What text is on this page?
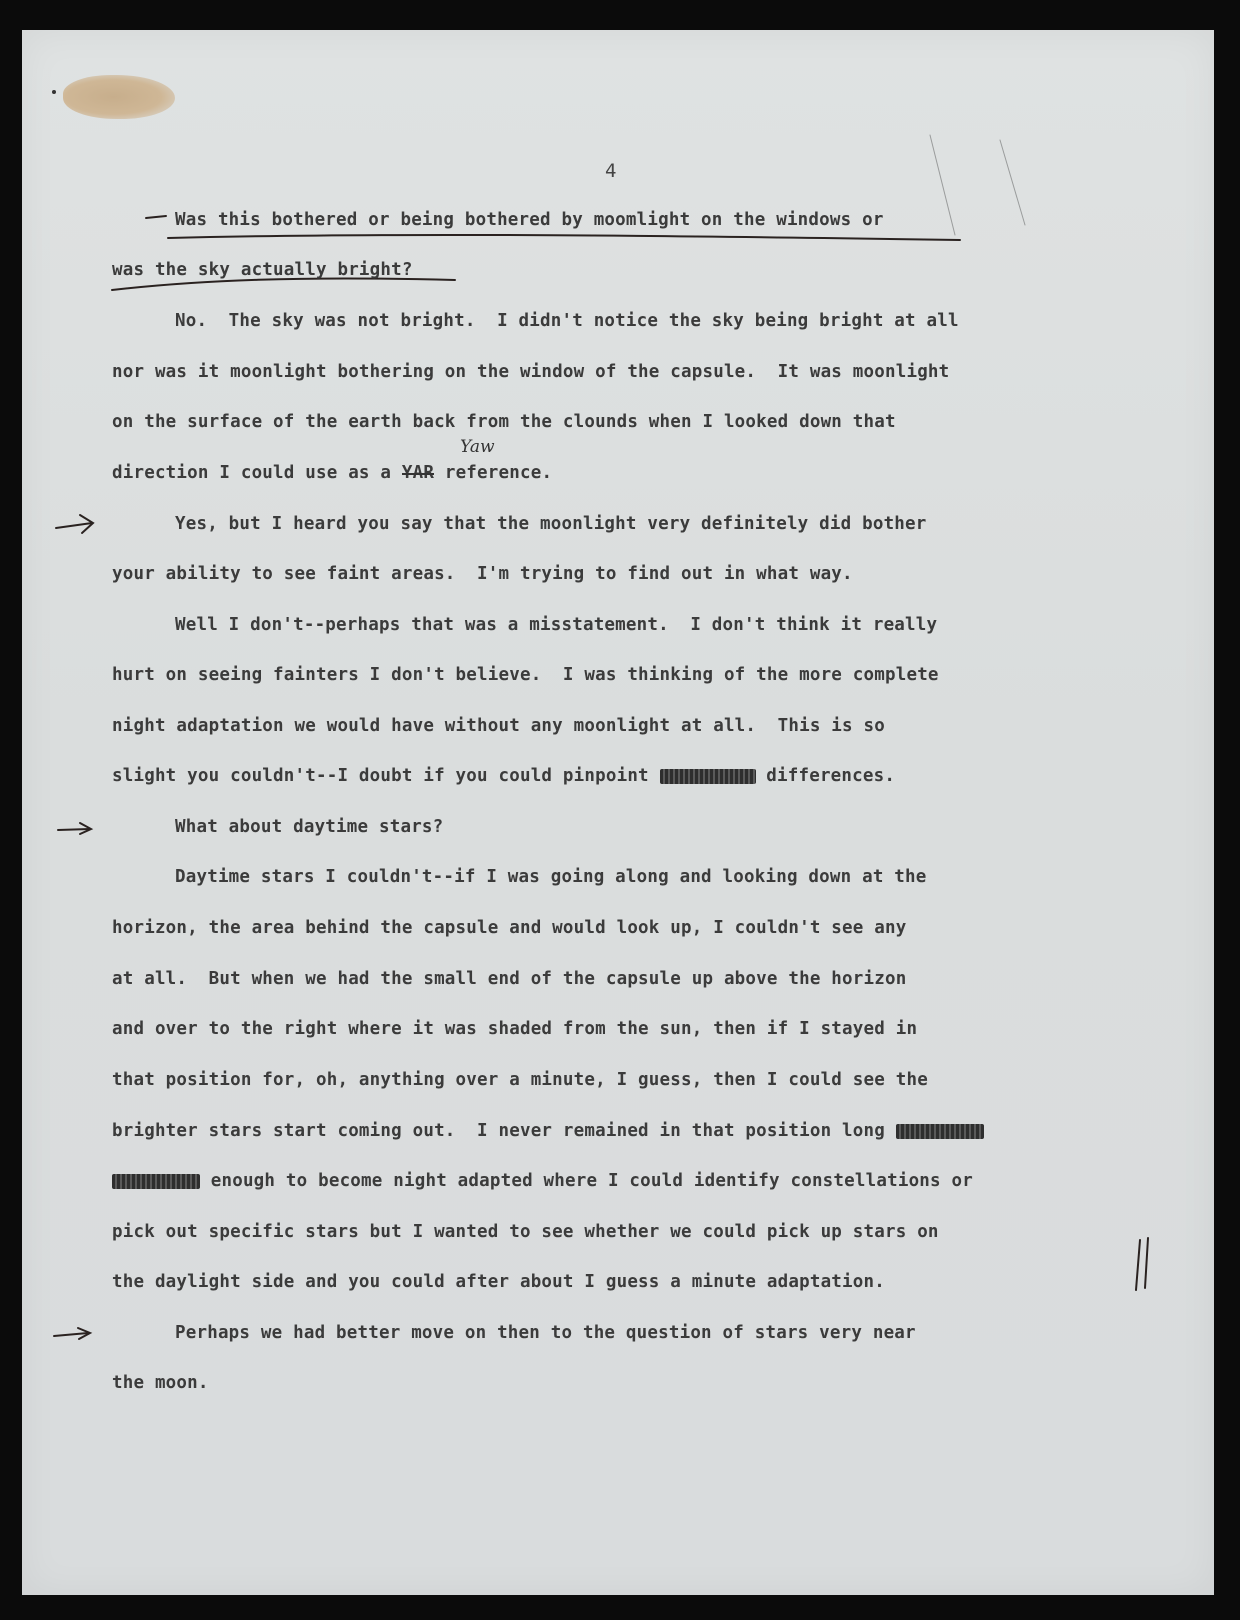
4
Yaw

Was this bothered or being bothered by moomlight on the windows or

was the sky actually bright?

No.  The sky was not bright.  I didn't notice the sky being bright at all

nor was it moonlight bothering on the window of the capsule.  It was moonlight

on the surface of the earth back from the clounds when I looked down that

direction I could use as a YAR reference.

Yes, but I heard you say that the moonlight very definitely did bother

your ability to see faint areas.  I'm trying to find out in what way.

Well I don't--perhaps that was a misstatement.  I don't think it really

hurt on seeing fainters I don't believe.  I was thinking of the more complete

night adaptation we would have without any moonlight at all.  This is so

slight you couldn't--I doubt if you could pinpoint	differences.

What about daytime stars?

Daytime stars I couldn't--if I was going along and looking down at the

horizon, the area behind the capsule and would look up, I couldn't see any

at all.  But when we had the small end of the capsule up above the horizon

and over to the right where it was shaded from the sun, then if I stayed in

that position for, oh, anything over a minute, I guess, then I could see the

brighter stars start coming out.  I never remained in that position long

enough to become night adapted where I could identify constellations or

pick out specific stars but I wanted to see whether we could pick up stars on

the daylight side and you could after about I guess a minute adaptation.

Perhaps we had better move on then to the question of stars very near

the moon.
